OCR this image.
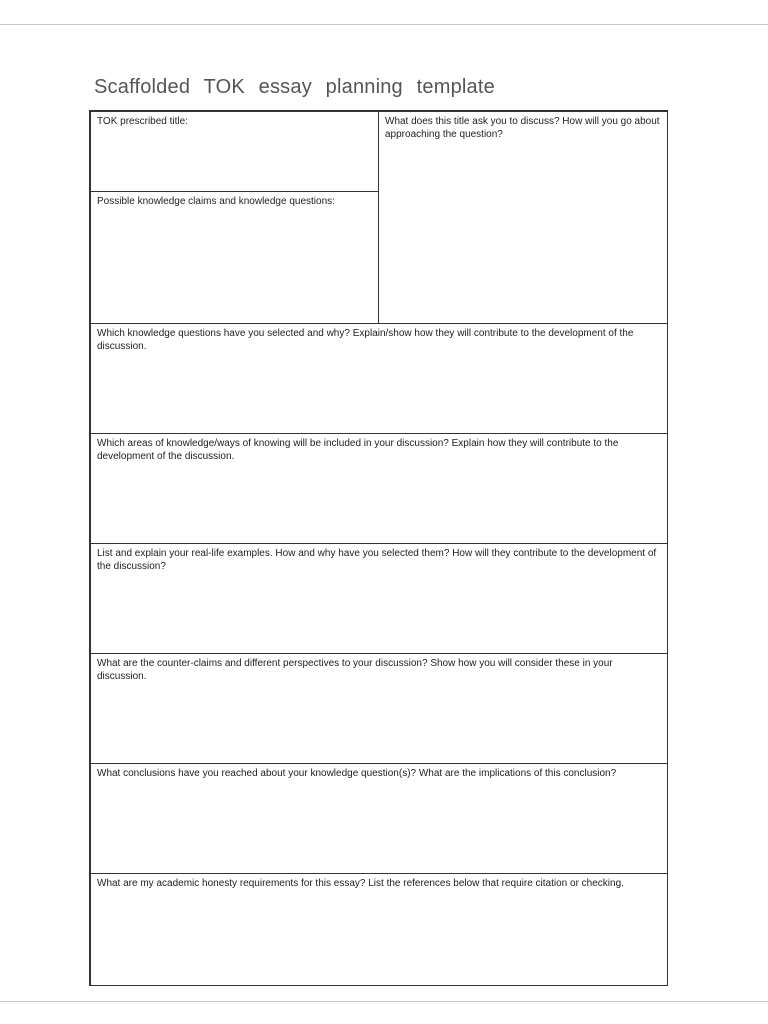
Scaffolded TOK essay planning template
TOK prescribed title:	What does this title ask you to discuss? How will you go about approaching the question?
Possible knowledge claims and knowledge questions:
Which knowledge questions have you selected and why? Explain/show how they will contribute to the development of the discussion.
Which areas of knowledge/ways of knowing will be included in your discussion? Explain how they will contribute to the development of the discussion.
List and explain your real-life examples. How and why have you selected them? How will they contribute to the development of the discussion?
What are the counter-claims and different perspectives to your discussion? Show how you will consider these in your discussion.
What conclusions have you reached about your knowledge question(s)? What are the implications of this conclusion?
What are my academic honesty requirements for this essay? List the references below that require citation or checking.
